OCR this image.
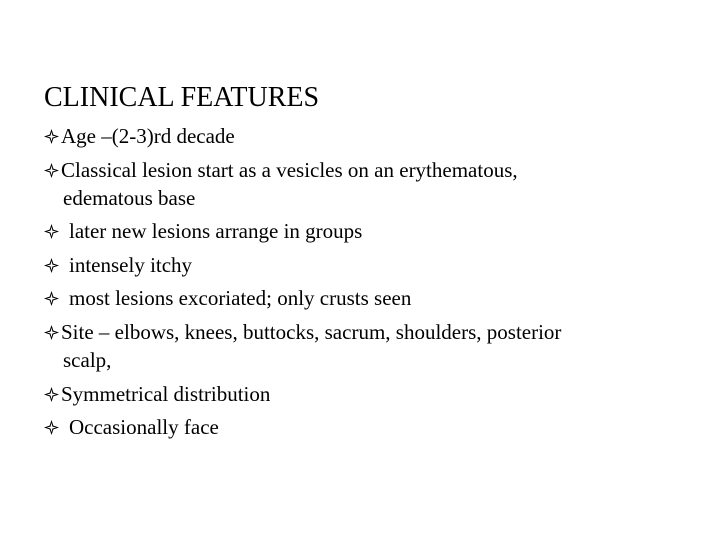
CLINICAL FEATURES
Age –(2-3)rd decade
Classical lesion start as a vesicles on an erythematous,
edematous base
later new lesions arrange in groups
intensely itchy
most lesions excoriated; only crusts seen
Site – elbows, knees, buttocks, sacrum, shoulders, posterior
scalp,
Symmetrical distribution
Occasionally face
